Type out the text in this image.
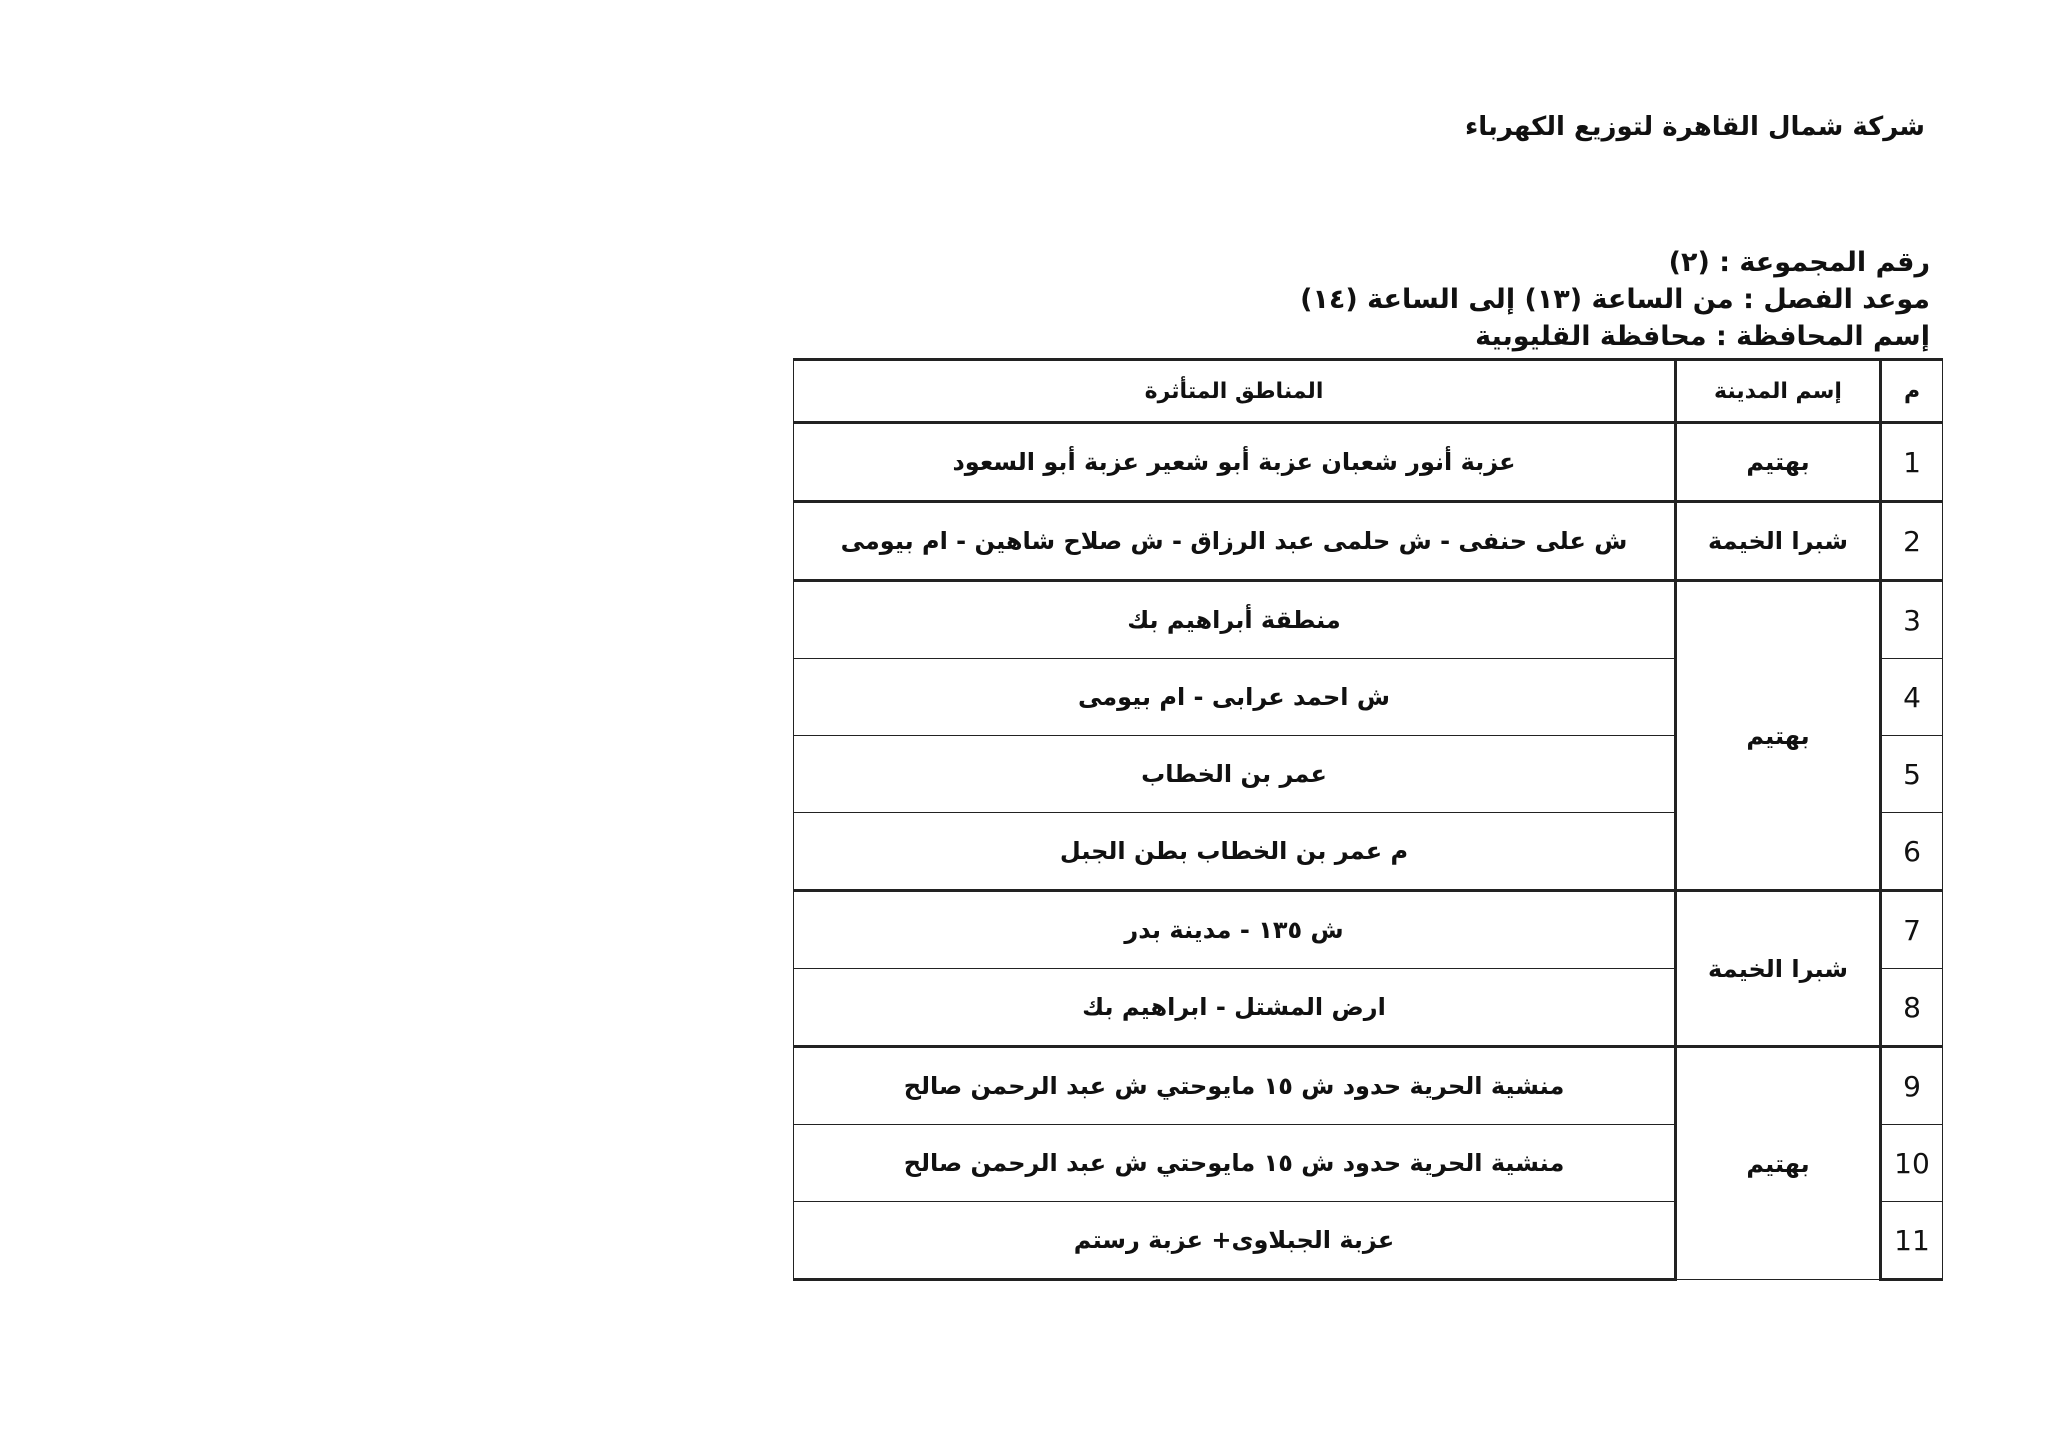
شركة شمال القاهرة لتوزيع الكهرباء
رقم المجموعة : (٢)
موعد الفصل : من الساعة (١٣) إلى الساعة (١٤)
إسم المحافظة : محافظة القليوبية
م	إسم المدينة	المناطق المتأثرة
1	بهتيم	عزبة أنور شعبان عزبة أبو شعير عزبة أبو السعود
2	شبرا الخيمة	ش على حنفى - ش حلمى عبد الرزاق - ش صلاح شاهين - ام بيومى
3	بهتيم	منطقة أبراهيم بك
4		ش احمد عرابى - ام بيومى
5		عمر بن الخطاب
6		م عمر بن الخطاب بطن الجبل
7	شبرا الخيمة	ش ١٣٥ - مدينة بدر
8		ارض المشتل - ابراهيم بك
9	بهتيم	منشية الحرية حدود ش ١٥ مايوحتي ش عبد الرحمن صالح
10		منشية الحرية حدود ش ١٥ مايوحتي ش عبد الرحمن صالح
11		عزبة الجبلاوى+ عزبة رستم
